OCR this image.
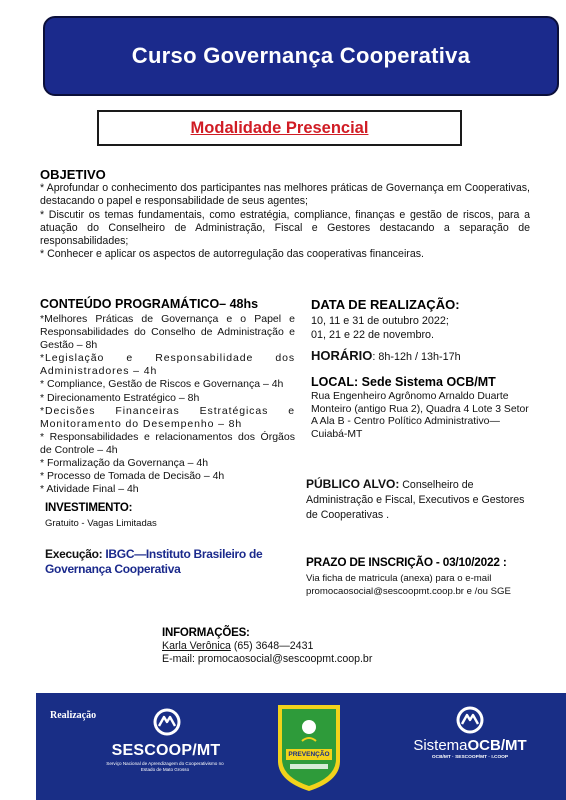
Curso Governança Cooperativa
Modalidade Presencial
OBJETIVO
* Aprofundar o conhecimento dos participantes nas melhores práticas de Governança em Cooperativas, destacando o papel e responsabilidade de seus agentes;
* Discutir os temas fundamentais, como estratégia, compliance, finanças e gestão de riscos, para a atuação do Conselheiro de Administração, Fiscal e Gestores destacando a separação de responsabilidades;
* Conhecer e aplicar os aspectos de autorregulação das cooperativas financeiras.
CONTEÚDO PROGRAMÁTICO– 48hs
*Melhores Práticas de Governança e o Papel e Responsabilidades do Conselho de Administração e Gestão – 8h
*Legislação e Responsabilidade dos Administradores – 4h
* Compliance, Gestão de Riscos e Governança – 4h
* Direcionamento Estratégico – 8h
*Decisões Financeiras Estratégicas e Monitoramento do Desempenho – 8h
* Responsabilidades e relacionamentos dos Órgãos de Controle – 4h
* Formalização da Governança – 4h
* Processo de Tomada de Decisão – 4h
* Atividade Final – 4h
INVESTIMENTO:
Gratuito - Vagas Limitadas
Execução: IBGC—Instituto Brasileiro de Governança Cooperativa
DATA DE REALIZAÇÃO:
10, 11 e 31 de outubro 2022;
01, 21 e 22 de novembro.
HORÁRIO: 8h-12h / 13h-17h
LOCAL: Sede Sistema OCB/MT
Rua Engenheiro Agrônomo Arnaldo Duarte Monteiro (antigo Rua 2), Quadra 4 Lote 3 Setor A Ala B - Centro Político Administrativo—Cuiabá-MT
PÚBLICO ALVO: Conselheiro de Administração e Fiscal, Executivos e Gestores de Cooperativas .
PRAZO DE INSCRIÇÃO - 03/10/2022 :
Via ficha de matricula (anexa) para o e-mail
promocaosocial@sescoopmt.coop.br e /ou SGE
INFORMAÇÕES:
Karla Verônica (65) 3648—2431
E-mail: promocaosocial@sescoopmt.coop.br
Realização
SESCOOP/MT
Serviço Nacional de Aprendizagem do Cooperativismo no Estado de Mato Grosso
PREVENÇÃO
SistemaOCB/MT
OCB/MT · SESCOOP/MT · I.COOP
